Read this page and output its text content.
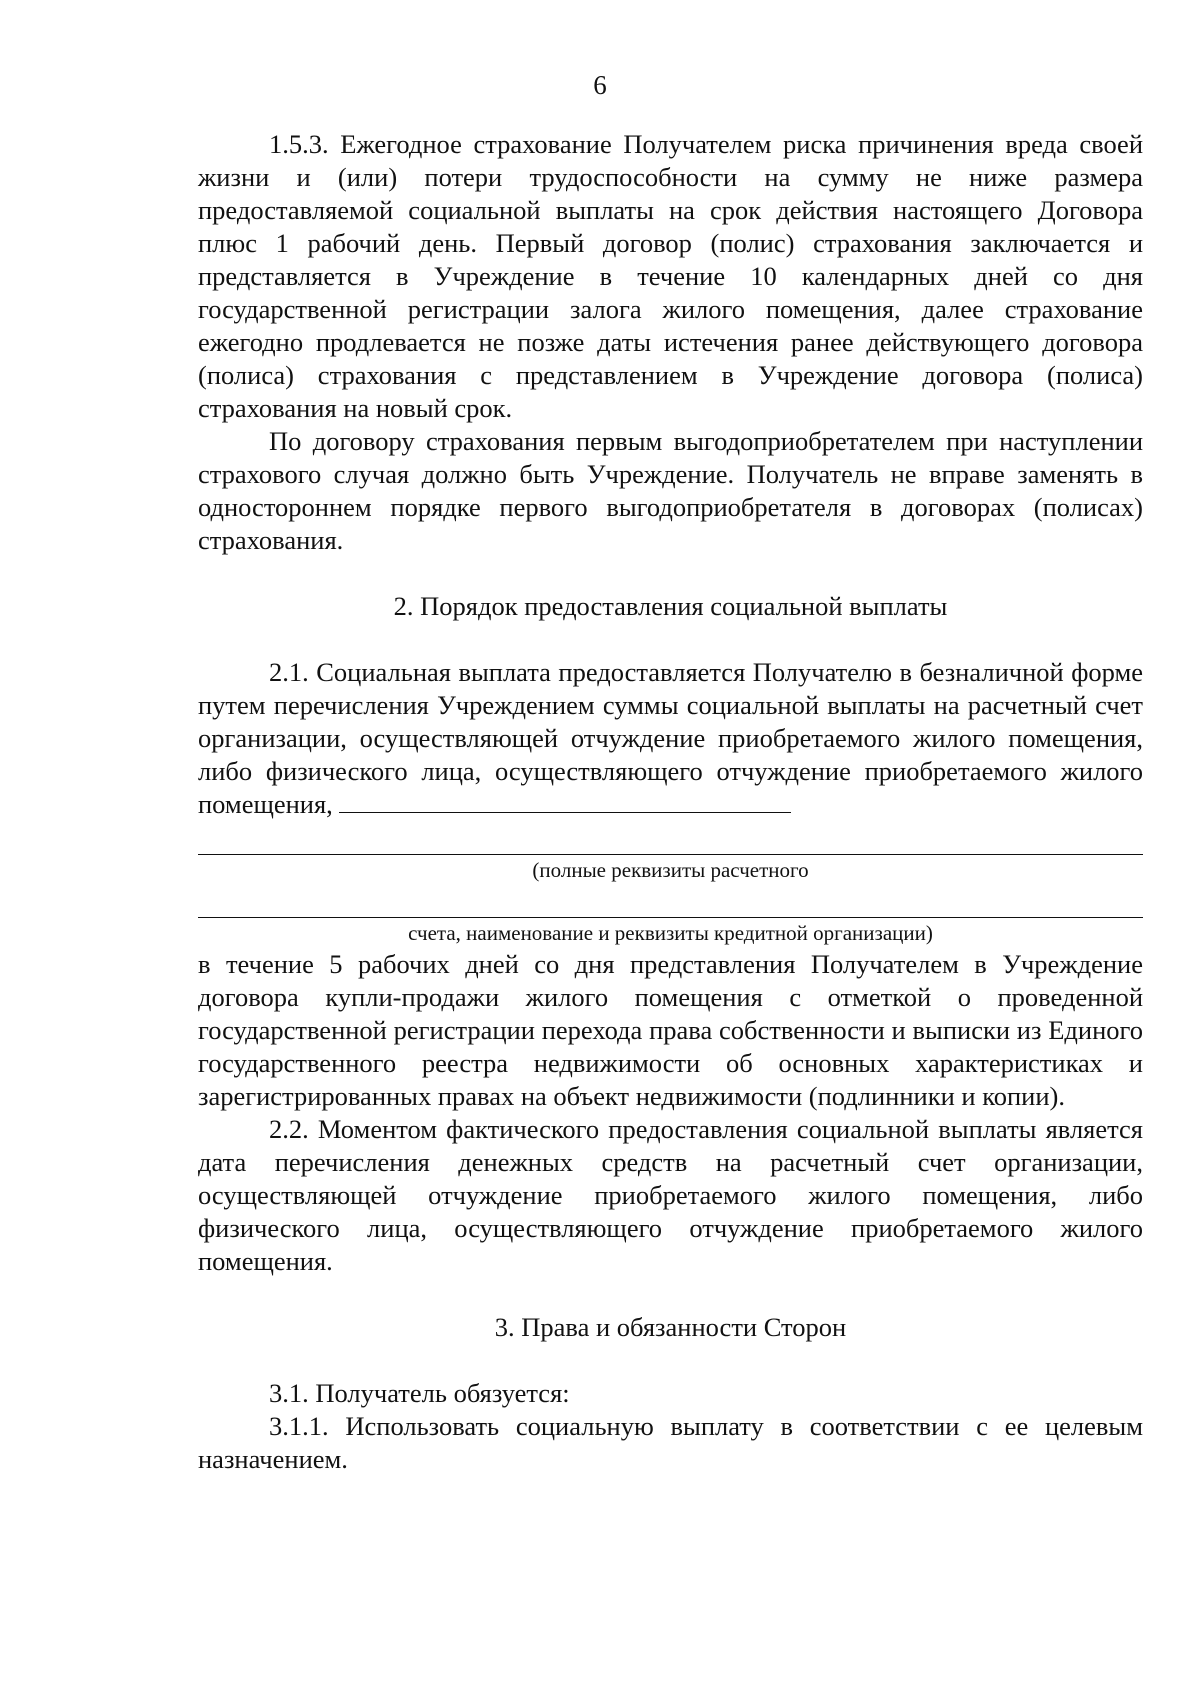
6

1.5.3. Ежегодное страхование Получателем риска причинения вреда своей жизни и (или) потери трудоспособности на сумму не ниже размера предоставляемой социальной выплаты на срок действия настоящего Договора плюс 1 рабочий день. Первый договор (полис) страхования заключается и представляется в Учреждение в течение 10 календарных дней со дня государственной регистрации залога жилого помещения, далее страхование ежегодно продлевается не позже даты истечения ранее действующего договора (полиса) страхования с представлением в Учреждение договора (полиса) страхования на новый срок.

По договору страхования первым выгодоприобретателем при наступлении страхового случая должно быть Учреждение. Получатель не вправе заменять в одностороннем порядке первого выгодоприобретателя в договорах (полисах) страхования.

2. Порядок предоставления социальной выплаты

2.1. Социальная выплата предоставляется Получателю в безналичной форме путем перечисления Учреждением суммы социальной выплаты на расчетный счет организации, осуществляющей отчуждение приобретаемого жилого помещения, либо физического лица, осуществляющего отчуждение приобретаемого жилого помещения,

(полные реквизиты расчетного
счета, наименование и реквизиты кредитной организации)

в течение 5 рабочих дней со дня представления Получателем в Учреждение договора купли-продажи жилого помещения с отметкой о проведенной государственной регистрации перехода права собственности и выписки из Единого государственного реестра недвижимости об основных характеристиках и зарегистрированных правах на объект недвижимости (подлинники и копии).

2.2. Моментом фактического предоставления социальной выплаты является дата перечисления денежных средств на расчетный счет организации, осуществляющей отчуждение приобретаемого жилого помещения, либо физического лица, осуществляющего отчуждение приобретаемого жилого помещения.

3. Права и обязанности Сторон

3.1. Получатель обязуется:

3.1.1. Использовать социальную выплату в соответствии с ее целевым назначением.
